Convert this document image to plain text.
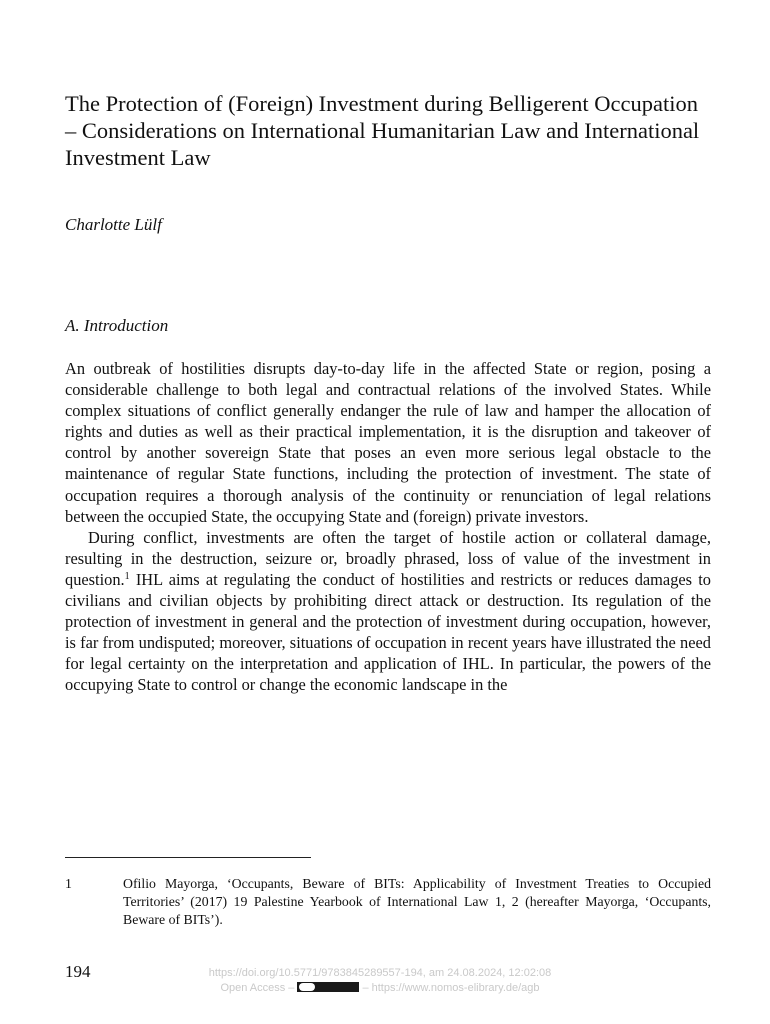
The Protection of (Foreign) Investment during Belligerent Occupation – Considerations on International Humanitarian Law and International Investment Law
Charlotte Lülf
A. Introduction

An outbreak of hostilities disrupts day-to-day life in the affected State or region, posing a considerable challenge to both legal and contractual relations of the involved States. While complex situations of conflict generally endanger the rule of law and hamper the allocation of rights and duties as well as their practical implementation, it is the disruption and takeover of control by another sovereign State that poses an even more serious legal obstacle to the maintenance of regular State functions, including the protection of investment. The state of occupation requires a thorough analysis of the continuity or renunciation of legal relations between the occupied State, the occupying State and (foreign) private investors.

During conflict, investments are often the target of hostile action or collateral damage, resulting in the destruction, seizure or, broadly phrased, loss of value of the investment in question.$^1$ IHL aims at regulating the conduct of hostilities and restricts or reduces damages to civilians and civilian objects by prohibiting direct attack or destruction. Its regulation of the protection of investment in general and the protection of investment during occupation, however, is far from undisputed; moreover, situations of occupation in recent years have illustrated the need for legal certainty on the interpretation and application of IHL. In particular, the powers of the occupying State to control or change the economic landscape in the

1	Ofilio Mayorga, ‘Occupants, Beware of BITs: Applicability of Investment Treaties to Occupied Territories’ (2017) 19 Palestine Yearbook of International Law 1, 2 (hereafter Mayorga, ‘Occupants, Beware of BITs’).
194	https://doi.org/10.5771/9783845289557-194, am 24.08.2024, 12:02:08
Open Access –	– https://www.nomos-elibrary.de/agb
